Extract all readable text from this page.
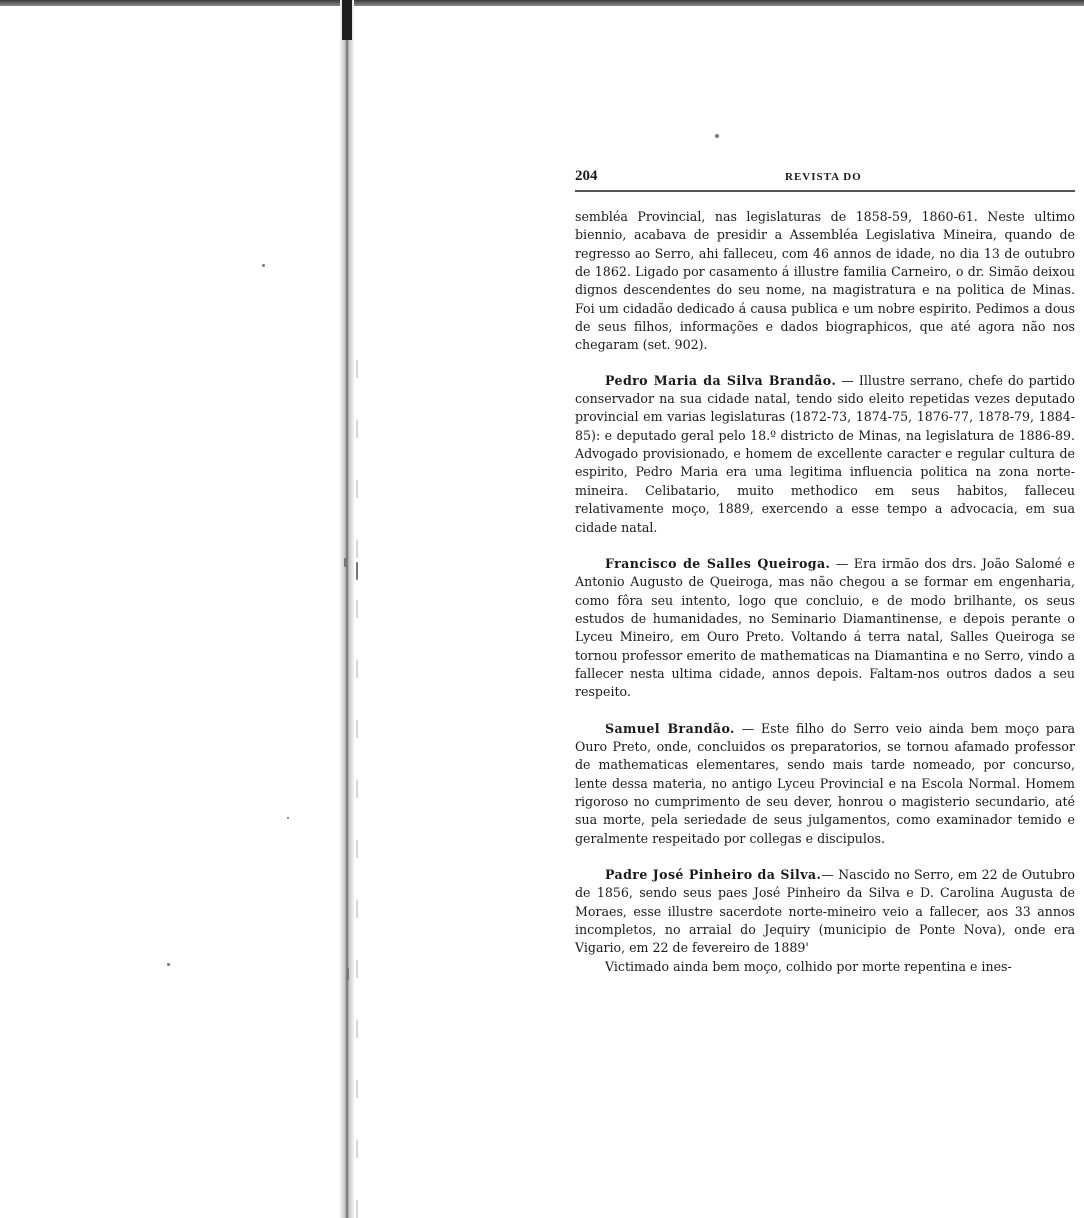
204	REVISTA DO

sembléa Provincial, nas legislaturas de 1858-59, 1860-61. Neste ultimo biennio, acabava de presidir a Assembléa Legislativa Mineira, quando de regresso ao Serro, ahi falleceu, com 46 annos de idade, no dia 13 de outubro de 1862. Ligado por casamento á illustre familia Carneiro, o dr. Simão deixou dignos descendentes do seu nome, na magistratura e na politica de Minas. Foi um cidadão dedicado á causa publica e um nobre espirito. Pedimos a dous de seus filhos, informações e dados biographicos, que até agora não nos chegaram (set. 902).

Pedro Maria da Silva Brandão. — Illustre serrano, chefe do partido conservador na sua cidade natal, tendo sido eleito repetidas vezes deputado provincial em varias legislaturas (1872-73, 1874-75, 1876-77, 1878-79, 1884-85): e deputado geral pelo 18.º districto de Minas, na legislatura de 1886-89. Advogado provisionado, e homem de excellente caracter e regular cultura de espirito, Pedro Maria era uma legitima influencia politica na zona norte-mineira. Celibatario, muito methodico em seus habitos, falleceu relativamente moço, 1889, exercendo a esse tempo a advocacia, em sua cidade natal.

Francisco de Salles Queiroga. — Era irmão dos drs. João Salomé e Antonio Augusto de Queiroga, mas não chegou a se formar em engenharia, como fôra seu intento, logo que concluio, e de modo brilhante, os seus estudos de humanidades, no Seminario Diamantinense, e depois perante o Lyceu Mineiro, em Ouro Preto. Voltando á terra natal, Salles Queiroga se tornou professor emerito de mathematicas na Diamantina e no Serro, vindo a fallecer nesta ultima cidade, annos depois. Faltam-nos outros dados a seu respeito.

Samuel Brandão. — Este filho do Serro veio ainda bem moço para Ouro Preto, onde, concluidos os preparatorios, se tornou afamado professor de mathematicas elementares, sendo mais tarde nomeado, por concurso, lente dessa materia, no antigo Lyceu Provincial e na Escola Normal. Homem rigoroso no cumprimento de seu dever, honrou o magisterio secundario, até sua morte, pela seriedade de seus julgamentos, como examinador temido e geralmente respeitado por collegas e discipulos.

Padre José Pinheiro da Silva.— Nascido no Serro, em 22 de Outubro de 1856, sendo seus paes José Pinheiro da Silva e D. Carolina Augusta de Moraes, esse illustre sacerdote norte-mineiro veio a fallecer, aos 33 annos incompletos, no arraial do Jequiry (municipio de Ponte Nova), onde era Vigario, em 22 de fevereiro de 1889'

Victimado ainda bem moço, colhido por morte repentina e ines-
